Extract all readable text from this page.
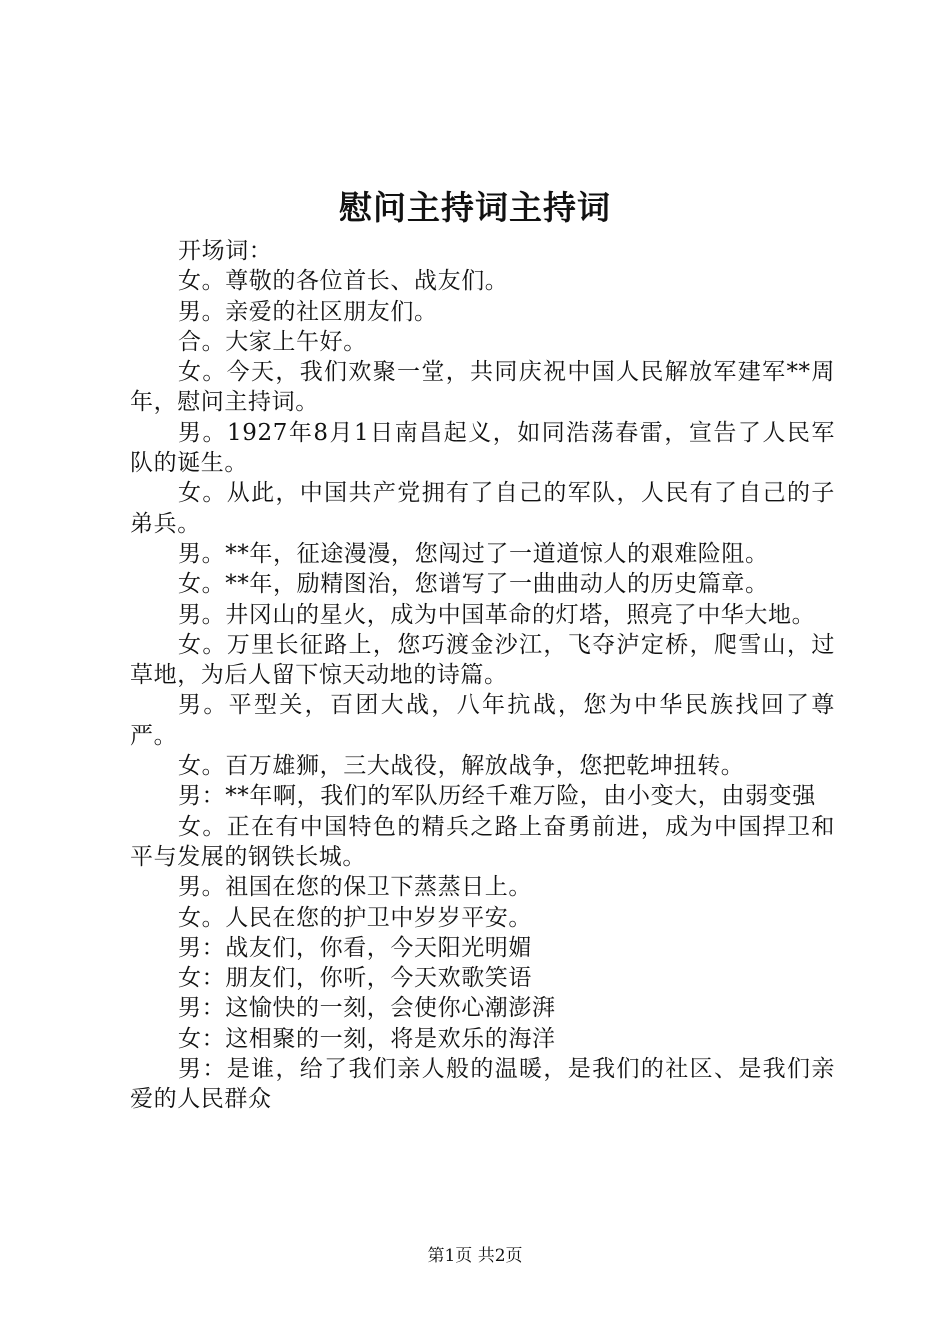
慰问主持词主持词

开场词：

女。尊敬的各位首长、战友们。

男。亲爱的社区朋友们。

合。大家上午好。

女。今天，我们欢聚一堂，共同庆祝中国人民解放军建军**周年，慰问主持词。

男。1927年8月1日南昌起义，如同浩荡春雷，宣告了人民军队的诞生。

女。从此，中国共产党拥有了自己的军队，人民有了自己的子弟兵。

男。**年，征途漫漫，您闯过了一道道惊人的艰难险阻。

女。**年，励精图治，您谱写了一曲曲动人的历史篇章。

男。井冈山的星火，成为中国革命的灯塔，照亮了中华大地。

女。万里长征路上，您巧渡金沙江，飞夺泸定桥，爬雪山，过草地，为后人留下惊天动地的诗篇。

男。平型关，百团大战，八年抗战，您为中华民族找回了尊严。

女。百万雄狮，三大战役，解放战争，您把乾坤扭转。

男：**年啊，我们的军队历经千难万险，由小变大，由弱变强

女。正在有中国特色的精兵之路上奋勇前进，成为中国捍卫和平与发展的钢铁长城。

男。祖国在您的保卫下蒸蒸日上。

女。人民在您的护卫中岁岁平安。

男：战友们，你看，今天阳光明媚

女：朋友们，你听，今天欢歌笑语

男：这愉快的一刻，会使你心潮澎湃

女：这相聚的一刻，将是欢乐的海洋

男：是谁，给了我们亲人般的温暖，是我们的社区、是我们亲爱的人民群众

第1页 共2页
